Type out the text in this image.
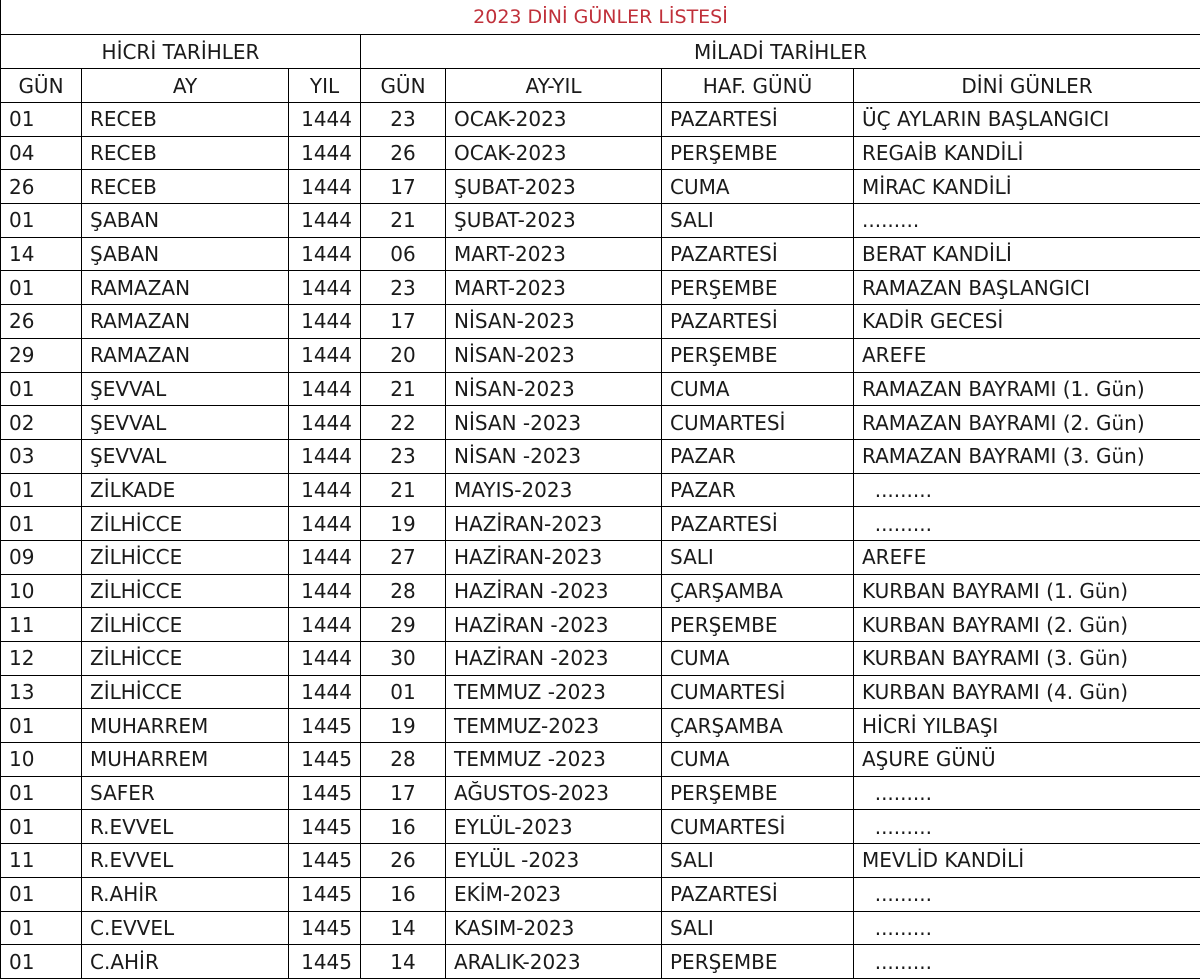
2023 DİNİ GÜNLER LİSTESİ						
HİCRİ TARİHLER			MİLADİ TARİHLER			
GÜN	AY	YIL	GÜN	AY-YIL	HAF. GÜNÜ	DİNİ GÜNLER
01	RECEB	1444	23	OCAK-2023	PAZARTESİ	ÜÇ AYLARIN BAŞLANGICI
04	RECEB	1444	26	OCAK-2023	PERŞEMBE	REGAİB KANDİLİ
26	RECEB	1444	17	ŞUBAT-2023	CUMA	MİRAC KANDİLİ
01	ŞABAN	1444	21	ŞUBAT-2023	SALI	.........
14	ŞABAN	1444	06	MART-2023	PAZARTESİ	BERAT KANDİLİ
01	RAMAZAN	1444	23	MART-2023	PERŞEMBE	RAMAZAN BAŞLANGICI
26	RAMAZAN	1444	17	NİSAN-2023	PAZARTESİ	KADİR GECESİ
29	RAMAZAN	1444	20	NİSAN-2023	PERŞEMBE	AREFE
01	ŞEVVAL	1444	21	NİSAN-2023	CUMA	RAMAZAN BAYRAMI (1. Gün)
02	ŞEVVAL	1444	22	NİSAN -2023	CUMARTESİ	RAMAZAN BAYRAMI (2. Gün)
03	ŞEVVAL	1444	23	NİSAN -2023	PAZAR	RAMAZAN BAYRAMI (3. Gün)
01	ZİLKADE	1444	21	MAYIS-2023	PAZAR	.........
01	ZİLHİCCE	1444	19	HAZİRAN-2023	PAZARTESİ	.........
09	ZİLHİCCE	1444	27	HAZİRAN-2023	SALI	AREFE
10	ZİLHİCCE	1444	28	HAZİRAN -2023	ÇARŞAMBA	KURBAN BAYRAMI (1. Gün)
11	ZİLHİCCE	1444	29	HAZİRAN -2023	PERŞEMBE	KURBAN BAYRAMI (2. Gün)
12	ZİLHİCCE	1444	30	HAZİRAN -2023	CUMA	KURBAN BAYRAMI (3. Gün)
13	ZİLHİCCE	1444	01	TEMMUZ -2023	CUMARTESİ	KURBAN BAYRAMI (4. Gün)
01	MUHARREM	1445	19	TEMMUZ-2023	ÇARŞAMBA	HİCRİ YILBAŞI
10	MUHARREM	1445	28	TEMMUZ -2023	CUMA	AŞURE GÜNÜ
01	SAFER	1445	17	AĞUSTOS-2023	PERŞEMBE	.........
01	R.EVVEL	1445	16	EYLÜL-2023	CUMARTESİ	.........
11	R.EVVEL	1445	26	EYLÜL -2023	SALI	MEVLİD KANDİLİ
01	R.AHİR	1445	16	EKİM-2023	PAZARTESİ	.........
01	C.EVVEL	1445	14	KASIM-2023	SALI	.........
01	C.AHİR	1445	14	ARALIK-2023	PERŞEMBE	.........
